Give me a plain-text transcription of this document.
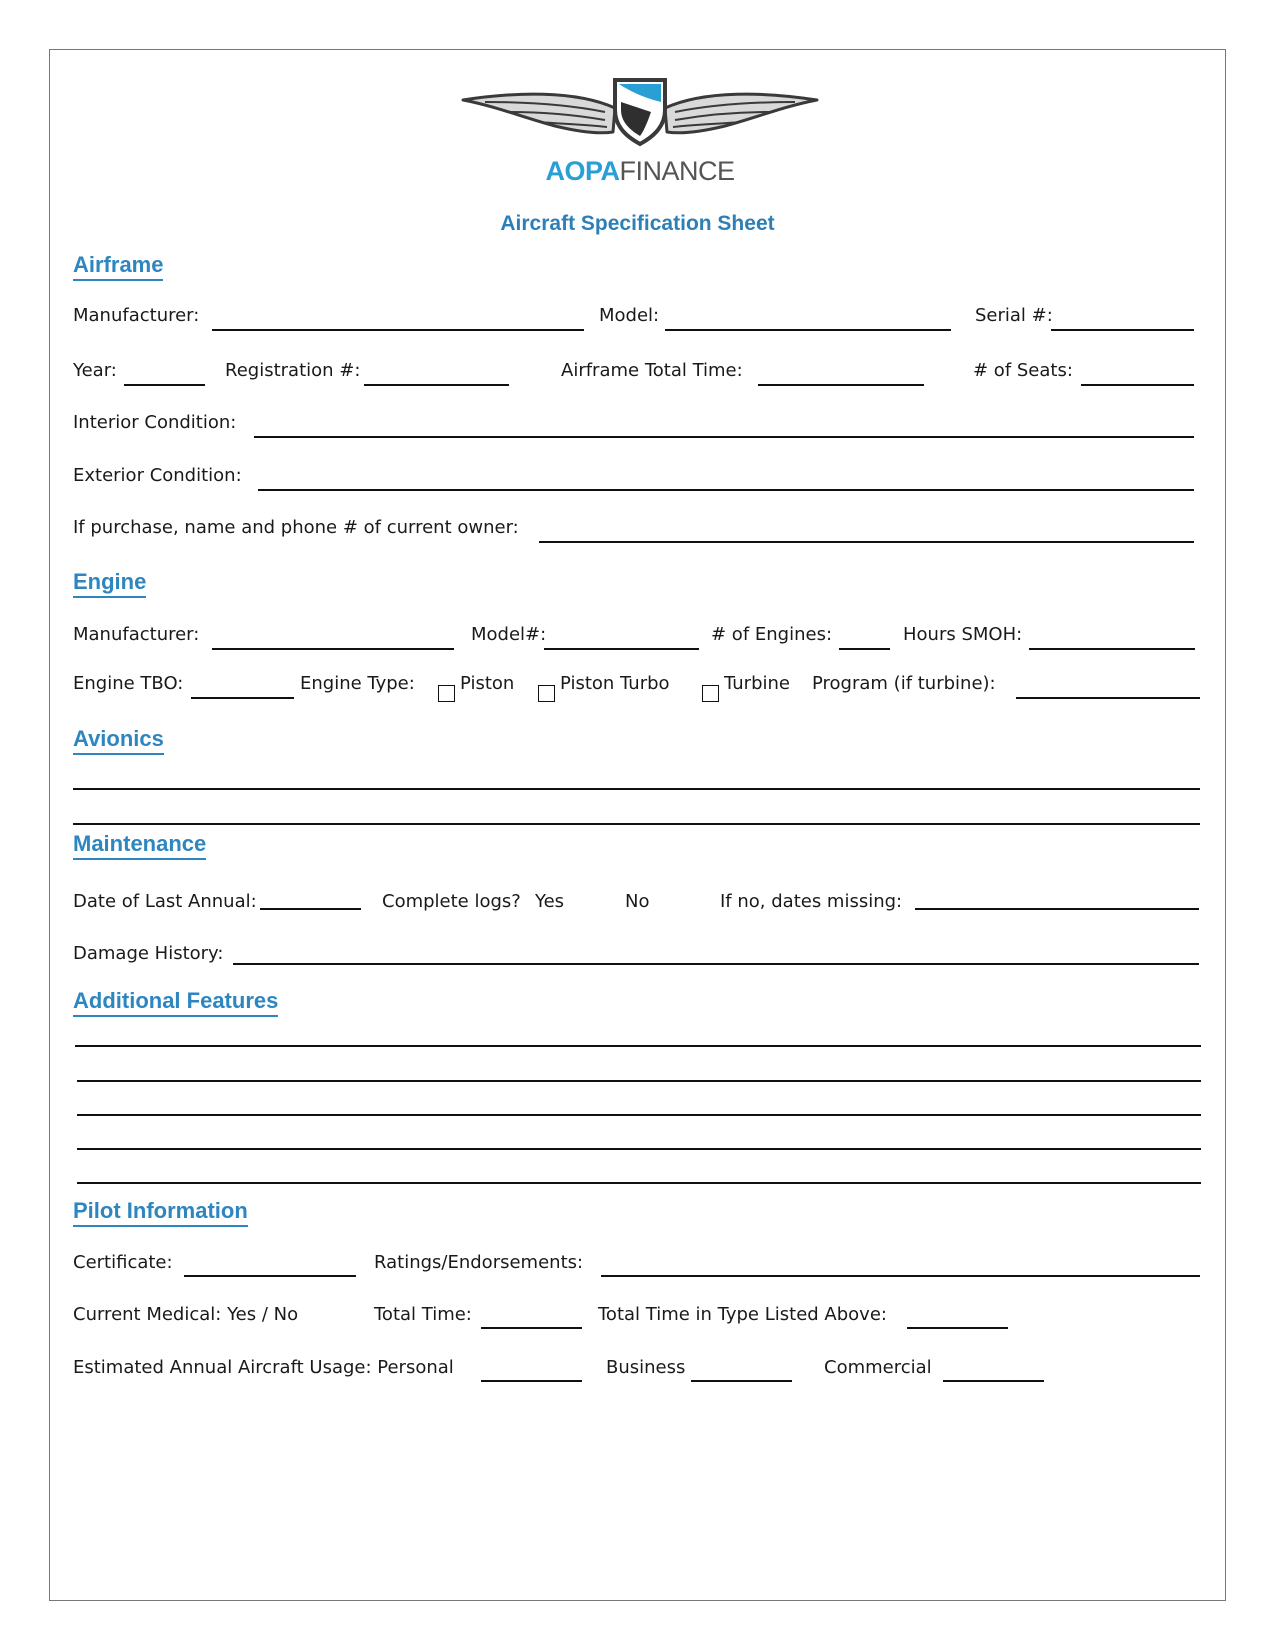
AOPAFINANCE
Aircraft Specification Sheet
Airframe
Manufacturer:	Model:	Serial #:
Year:	Registration #:	Airframe Total Time:	# of Seats:
Interior Condition:
Exterior Condition:
If purchase, name and phone # of current owner:
Engine
Manufacturer:	Model#:	# of Engines:	Hours SMOH:
Engine TBO:	Engine Type:	Piston	Piston Turbo	Turbine Program (if turbine):
Avionics
Maintenance
Date of Last Annual:	Complete logs? Yes	No	If no, dates missing:
Damage History:
Additional Features
Pilot Information
Certificate:	Ratings/Endorsements:
Current Medical: Yes / No	Total Time:	Total Time in Type Listed Above:
Estimated Annual Aircraft Usage: Personal	Business	Commercial
